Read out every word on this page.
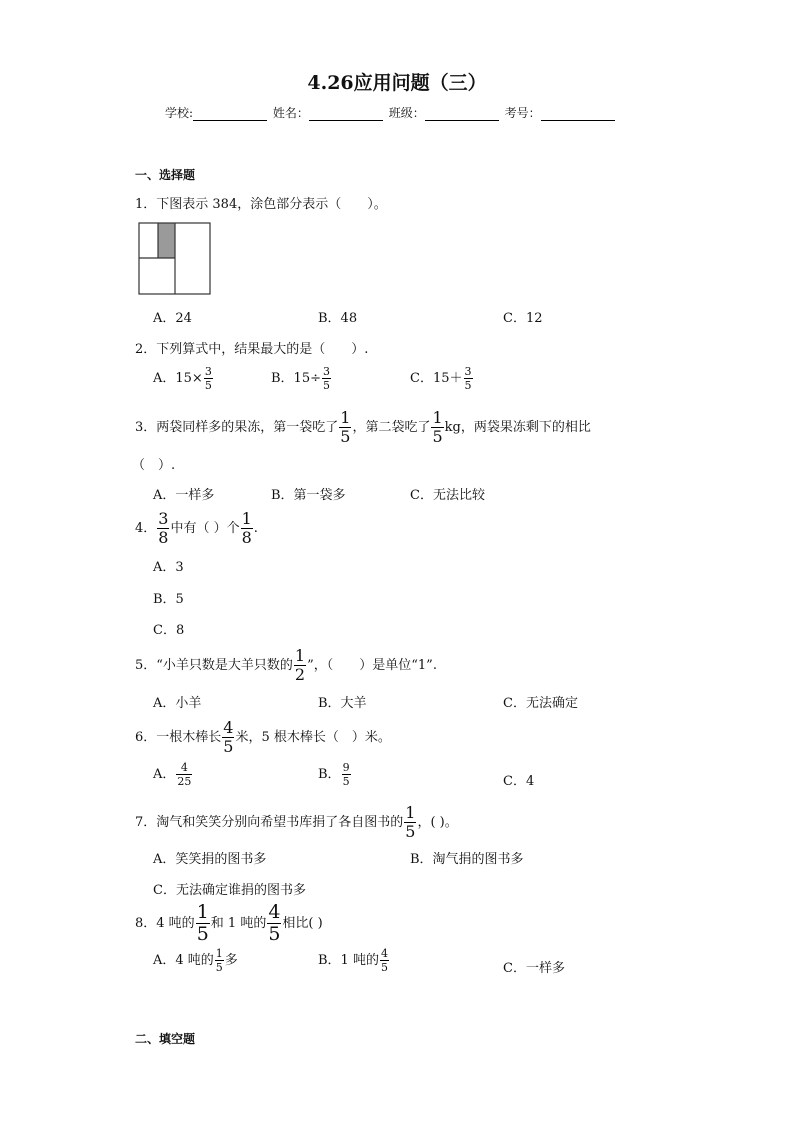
4.26应用问题（三）
学校:	姓名：	班级：	考号：
一、选择题
1．下图表示 384，涂色部分表示（　　）。
A．24	B．48	C．12
2．下列算式中，结果最大的是（　　）.
A．$15\times \frac{3}{5}$	B．$15\div \frac{3}{5}$	C．$15+ \frac{3}{5}$
3．两袋同样多的果冻，第一袋吃了 $\frac{1}{5}$ ，第二袋吃了 $\frac{1}{5}$ kg，两袋果冻剩下的相比
（　）.
A．一样多	B．第一袋多	C．无法比较
4． $\frac{3}{8}$ 中有（ ）个 $\frac{1}{8}$ .
A．3
B．5
C．8
5．“小羊只数是大羊只数的 $\frac{1}{2}$ ”，（　　）是单位“1”.
A．小羊	B．大羊	C．无法确定
6．一根木棒长 $\frac{4}{5}$ 米，5 根木棒长（　）米。
A． $\frac{4}{25}$	B． $\frac{9}{5}$	C．4
7．淘气和笑笑分别向希望书库捐了各自图书的 $\frac{1}{5}$ ，( )。
A．笑笑捐的图书多	B．淘气捐的图书多
C．无法确定谁捐的图书多
8．4 吨的 $\frac{1}{5}$ 和 1 吨的 $\frac{4}{5}$ 相比( )
A．4 吨的 $\frac{1}{5}$ 多	B．1 吨的 $\frac{4}{5}$	C．一样多
二、填空题
